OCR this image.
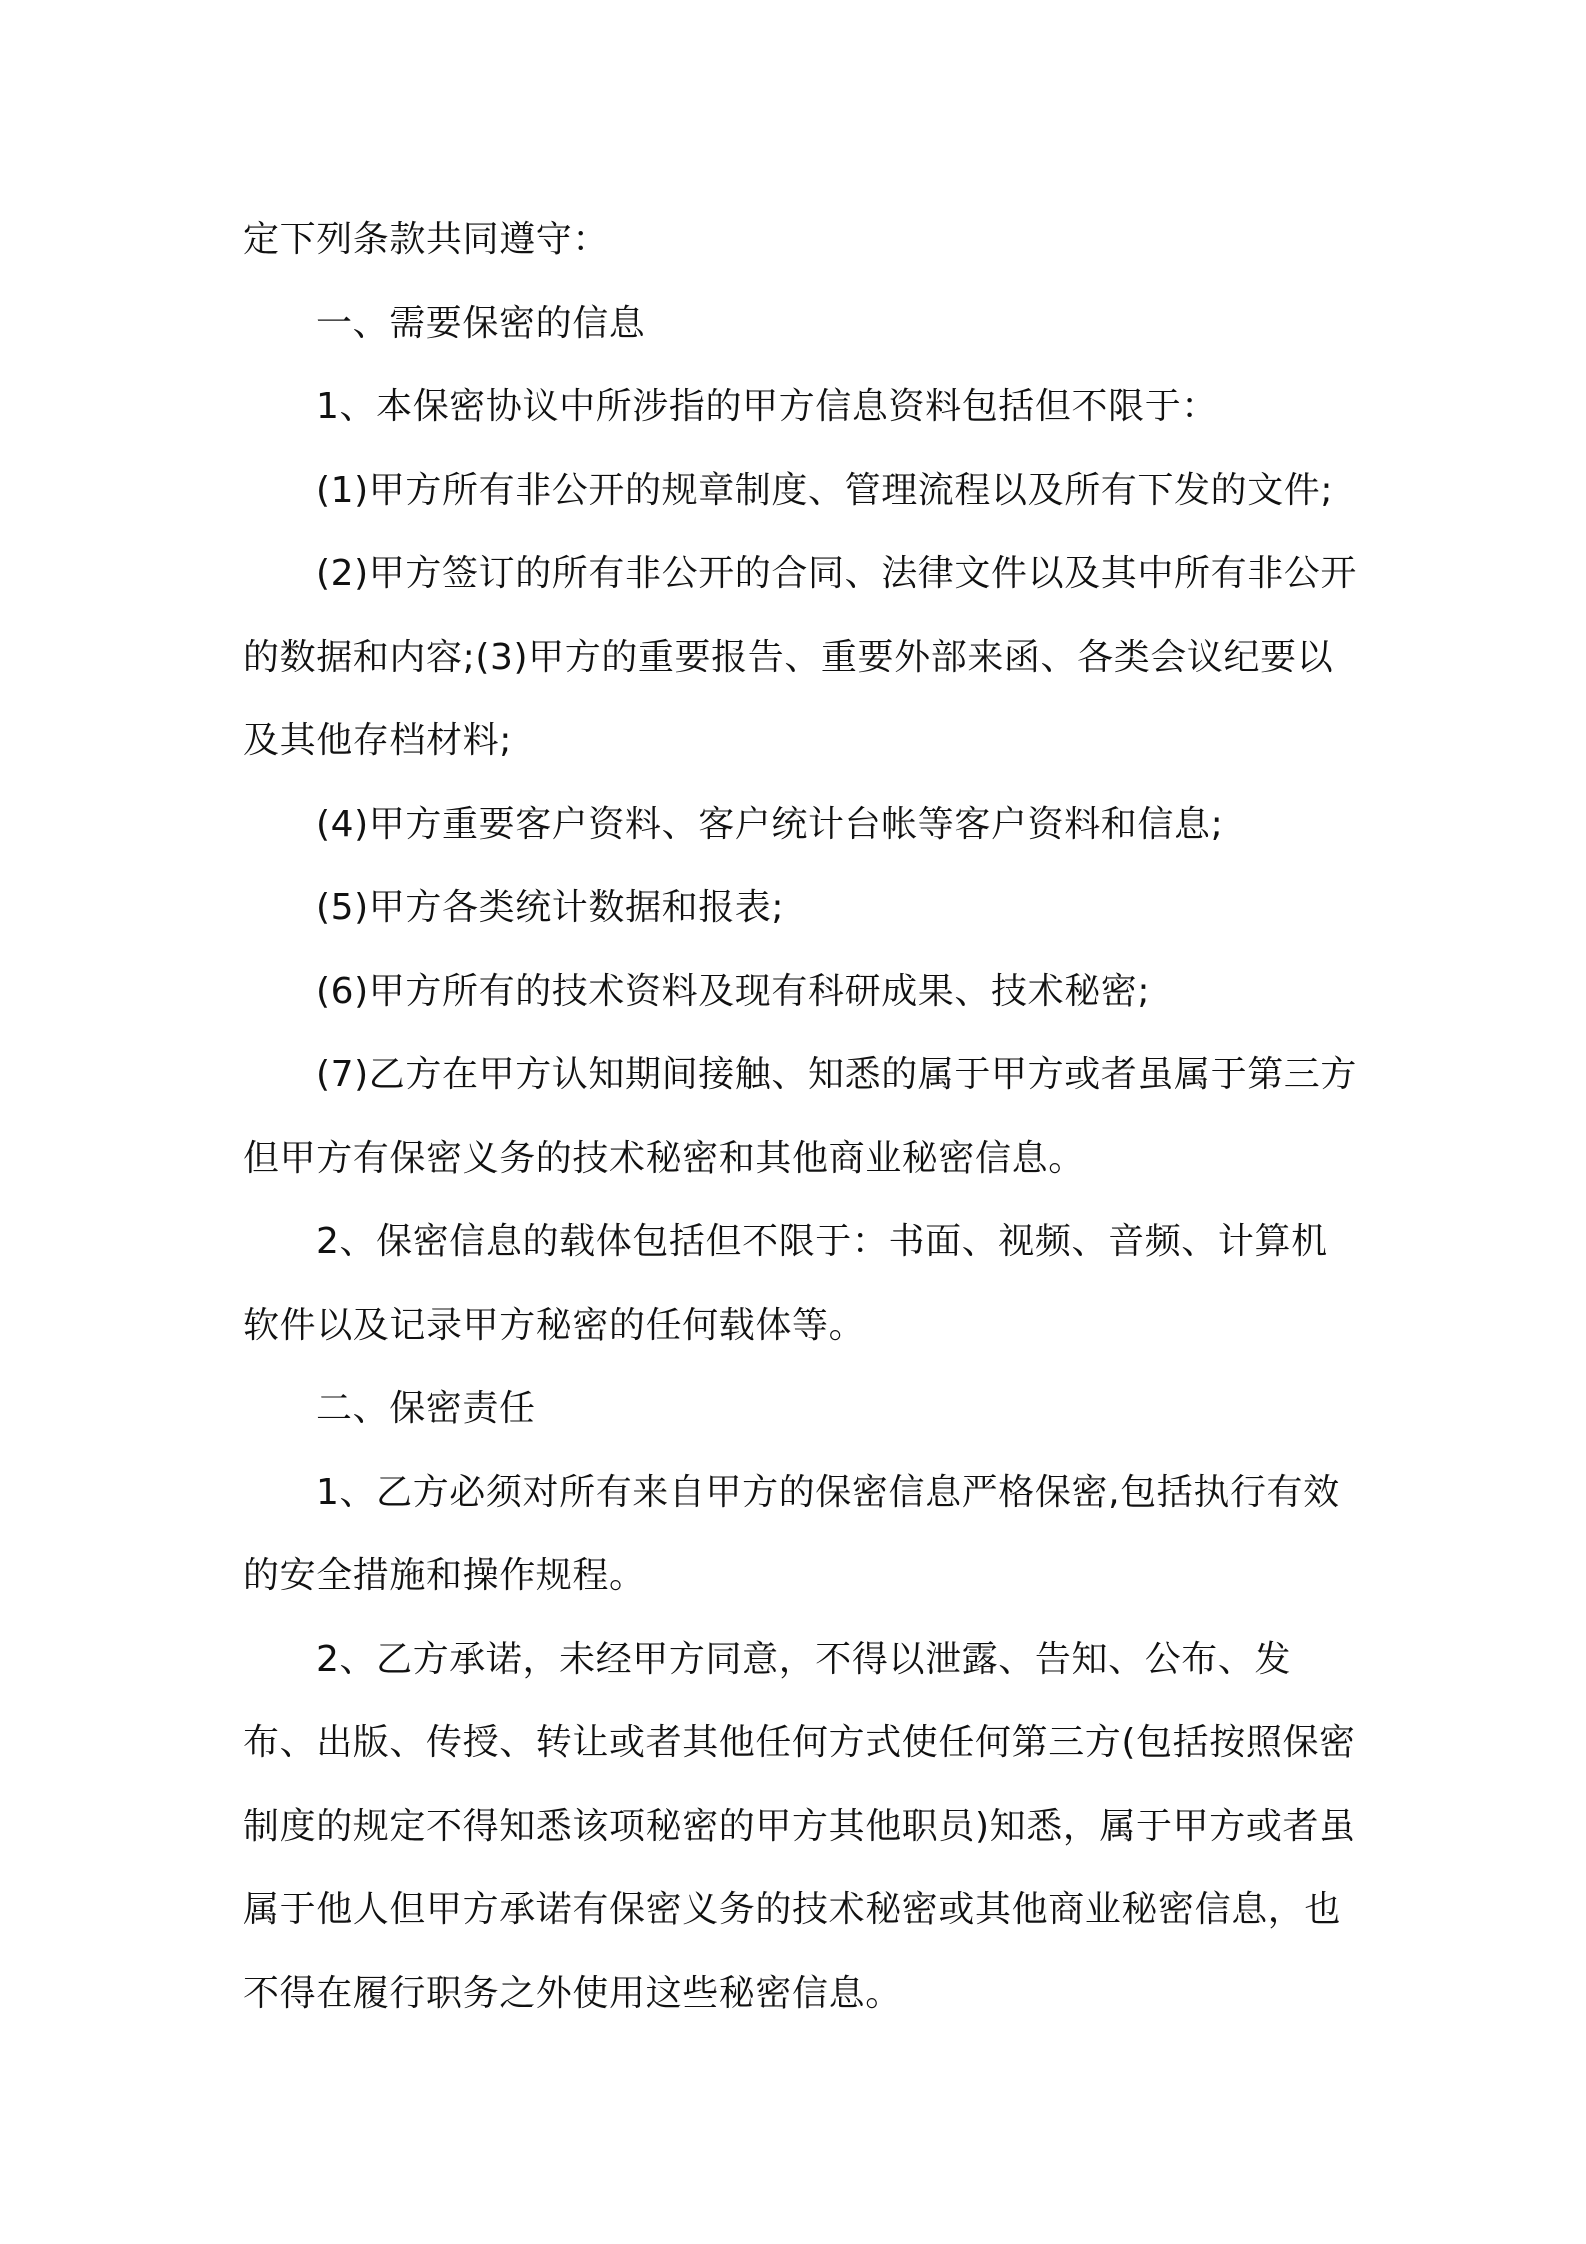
定下列条款共同遵守：

一、需要保密的信息

1、本保密协议中所涉指的甲方信息资料包括但不限于：

(1)甲方所有非公开的规章制度、管理流程以及所有下发的文件;

(2)甲方签订的所有非公开的合同、法律文件以及其中所有非公开的数据和内容;(3)甲方的重要报告、重要外部来函、各类会议纪要以及其他存档材料;

(4)甲方重要客户资料、客户统计台帐等客户资料和信息;

(5)甲方各类统计数据和报表;

(6)甲方所有的技术资料及现有科研成果、技术秘密;

(7)乙方在甲方认知期间接触、知悉的属于甲方或者虽属于第三方但甲方有保密义务的技术秘密和其他商业秘密信息。

2、保密信息的载体包括但不限于：书面、视频、音频、计算机软件以及记录甲方秘密的任何载体等。

二、保密责任

1、乙方必须对所有来自甲方的保密信息严格保密,包括执行有效的安全措施和操作规程。

2、乙方承诺，未经甲方同意，不得以泄露、告知、公布、发布、出版、传授、转让或者其他任何方式使任何第三方(包括按照保密制度的规定不得知悉该项秘密的甲方其他职员)知悉，属于甲方或者虽属于他人但甲方承诺有保密义务的技术秘密或其他商业秘密信息，也不得在履行职务之外使用这些秘密信息。
